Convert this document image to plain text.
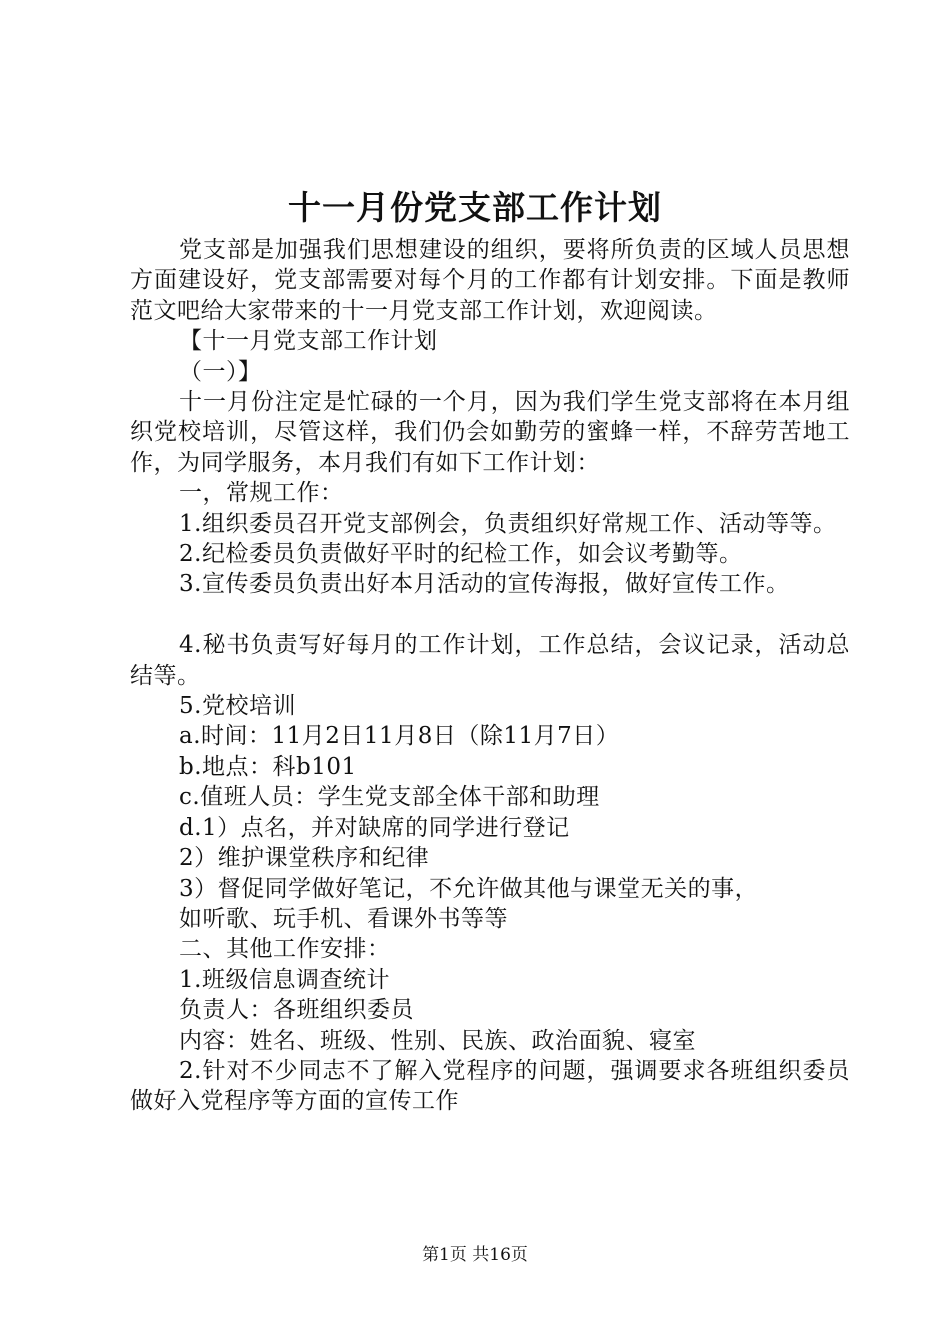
十一月份党支部工作计划

党支部是加强我们思想建设的组织，要将所负责的区域人员思想方面建设好，党支部需要对每个月的工作都有计划安排。下面是教师范文吧给大家带来的十一月党支部工作计划，欢迎阅读。

【十一月党支部工作计划

（一）】

十一月份注定是忙碌的一个月，因为我们学生党支部将在本月组织党校培训，尽管这样，我们仍会如勤劳的蜜蜂一样，不辞劳苦地工作，为同学服务，本月我们有如下工作计划：

一，常规工作：

1.组织委员召开党支部例会，负责组织好常规工作、活动等等。

2.纪检委员负责做好平时的纪检工作，如会议考勤等。

3.宣传委员负责出好本月活动的宣传海报，做好宣传工作。

4.秘书负责写好每月的工作计划，工作总结，会议记录，活动总结等。

5.党校培训

a.时间：11月2日11月8日（除11月7日）

b.地点：科b101

c.值班人员：学生党支部全体干部和助理

d.1）点名，并对缺席的同学进行登记

2）维护课堂秩序和纪律

3）督促同学做好笔记，不允许做其他与课堂无关的事，

如听歌、玩手机、看课外书等等

二、其他工作安排：

1.班级信息调查统计

负责人：各班组织委员

内容：姓名、班级、性别、民族、政治面貌、寝室

2.针对不少同志不了解入党程序的问题，强调要求各班组织委员做好入党程序等方面的宣传工作

第1页 共16页
